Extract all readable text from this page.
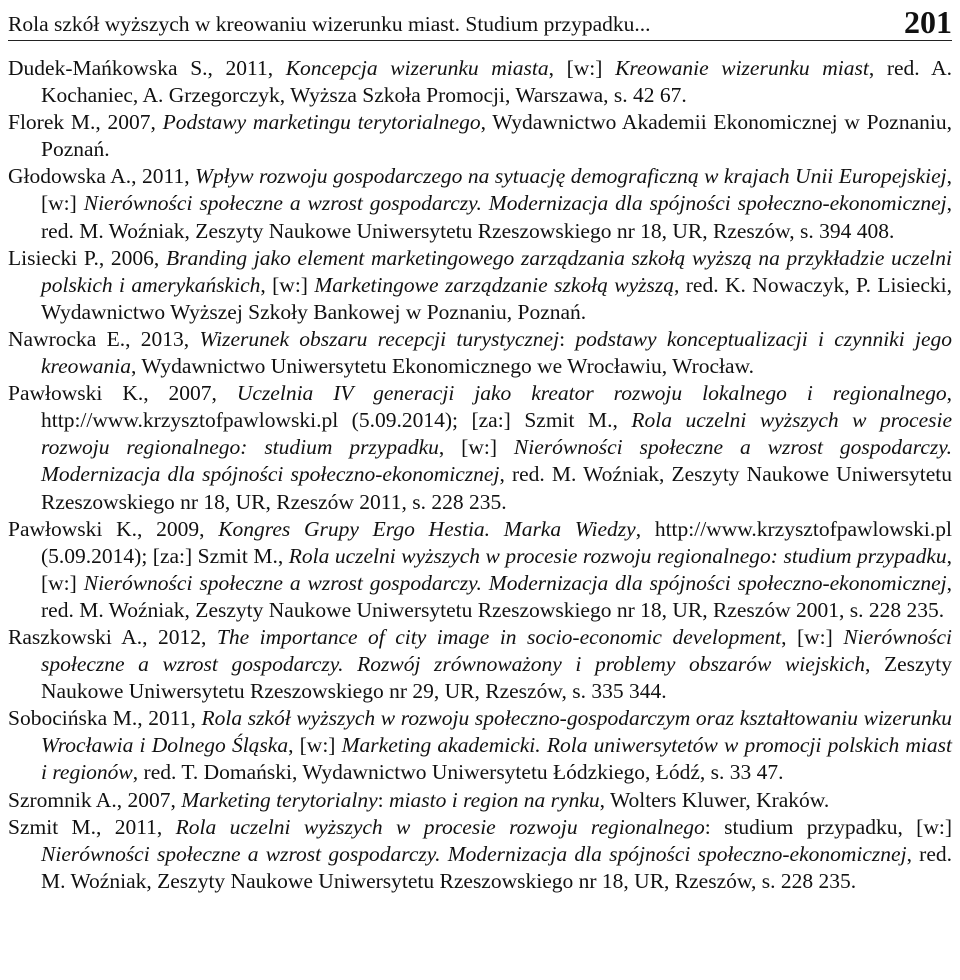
Rola szkół wyższych w kreowaniu wizerunku miast. Studium przypadku...	201
Dudek-Mańkowska S., 2011, Koncepcja wizerunku miasta, [w:] Kreowanie wizerunku miast, red. A. Kochaniec, A. Grzegorczyk, Wyższa Szkoła Promocji, Warszawa, s. 42 67.
Florek M., 2007, Podstawy marketingu terytorialnego, Wydawnictwo Akademii Ekonomicznej w Poznaniu, Poznań.
Głodowska A., 2011, Wpływ rozwoju gospodarczego na sytuację demograficzną w krajach Unii Europejskiej, [w:] Nierówności społeczne a wzrost gospodarczy. Modernizacja dla spójności społeczno-ekonomicznej, red. M. Woźniak, Zeszyty Naukowe Uniwersytetu Rzeszowskiego nr 18, UR, Rzeszów, s. 394 408.
Lisiecki P., 2006, Branding jako element marketingowego zarządzania szkołą wyższą na przykładzie uczelni polskich i amerykańskich, [w:] Marketingowe zarządzanie szkołą wyższą, red. K. Nowaczyk, P. Lisiecki, Wydawnictwo Wyższej Szkoły Bankowej w Poznaniu, Poznań.
Nawrocka E., 2013, Wizerunek obszaru recepcji turystycznej: podstawy konceptualizacji i czynniki jego kreowania, Wydawnictwo Uniwersytetu Ekonomicznego we Wrocławiu, Wrocław.
Pawłowski K., 2007, Uczelnia IV generacji jako kreator rozwoju lokalnego i regionalnego, http://www.krzysztofpawlowski.pl (5.09.2014); [za:] Szmit M., Rola uczelni wyższych w procesie rozwoju regionalnego: studium przypadku, [w:] Nierówności społeczne a wzrost gospodarczy. Modernizacja dla spójności społeczno-ekonomicznej, red. M. Woźniak, Zeszyty Naukowe Uniwersytetu Rzeszowskiego nr 18, UR, Rzeszów 2011, s. 228 235.
Pawłowski K., 2009, Kongres Grupy Ergo Hestia. Marka Wiedzy, http://www.krzysztofpawlowski.pl (5.09.2014); [za:] Szmit M., Rola uczelni wyższych w procesie rozwoju regionalnego: studium przypadku, [w:] Nierówności społeczne a wzrost gospodarczy. Modernizacja dla spójności społeczno-ekonomicznej, red. M. Woźniak, Zeszyty Naukowe Uniwersytetu Rzeszowskiego nr 18, UR, Rzeszów 2001, s. 228 235.
Raszkowski A., 2012, The importance of city image in socio-economic development, [w:] Nierówności społeczne a wzrost gospodarczy. Rozwój zrównoważony i problemy obszarów wiejskich, Zeszyty Naukowe Uniwersytetu Rzeszowskiego nr 29, UR, Rzeszów, s. 335 344.
Sobocińska M., 2011, Rola szkół wyższych w rozwoju społeczno-gospodarczym oraz kształtowaniu wizerunku Wrocławia i Dolnego Śląska, [w:] Marketing akademicki. Rola uniwersytetów w promocji polskich miast i regionów, red. T. Domański, Wydawnictwo Uniwersytetu Łódzkiego, Łódź, s. 33 47.
Szromnik A., 2007, Marketing terytorialny: miasto i region na rynku, Wolters Kluwer, Kraków.
Szmit M., 2011, Rola uczelni wyższych w procesie rozwoju regionalnego: studium przypadku, [w:] Nierówności społeczne a wzrost gospodarczy. Modernizacja dla spójności społeczno-ekonomicznej, red. M. Woźniak, Zeszyty Naukowe Uniwersytetu Rzeszowskiego nr 18, UR, Rzeszów, s. 228 235.
